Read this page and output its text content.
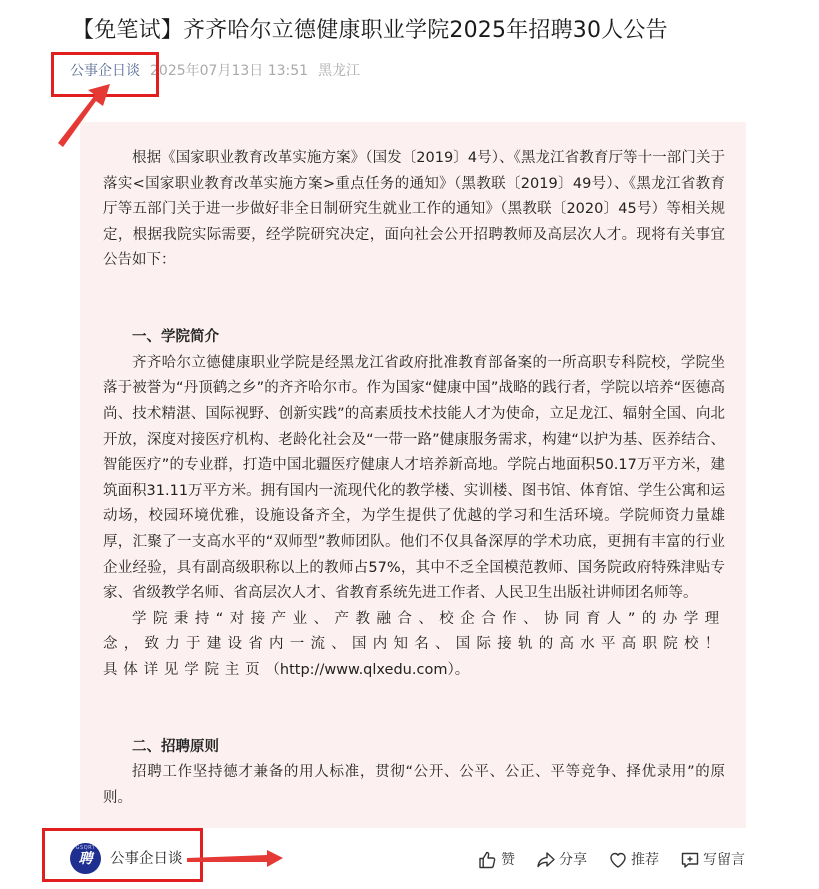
【免笔试】齐齐哈尔立德健康职业学院2025年招聘30人公告
公事企日谈 2025年07月13日 13:51 黑龙江

根据《国家职业教育改革实施方案》（国发〔2019〕4号）、《黑龙江省教育厅等十一部门关于落实<国家职业教育改革实施方案>重点任务的通知》（黑教联〔2019〕49号）、《黑龙江省教育厅等五部门关于进一步做好非全日制研究生就业工作的通知》（黑教联〔2020〕45号）等相关规定，根据我院实际需要，经学院研究决定，面向社会公开招聘教师及高层次人才。现将有关事宜公告如下：

一、学院简介

齐齐哈尔立德健康职业学院是经黑龙江省政府批准教育部备案的一所高职专科院校，学院坐落于被誉为“丹顶鹤之乡”的齐齐哈尔市。作为国家“健康中国”战略的践行者，学院以培养“医德高尚、技术精湛、国际视野、创新实践”的高素质技术技能人才为使命，立足龙江、辐射全国、向北开放，深度对接医疗机构、老龄化社会及“一带一路”健康服务需求，构建“以护为基、医养结合、智能医疗”的专业群，打造中国北疆医疗健康人才培养新高地。学院占地面积50.17万平方米，建筑面积31.11万平方米。拥有国内一流现代化的教学楼、实训楼、图书馆、体育馆、学生公寓和运动场，校园环境优雅，设施设备齐全，为学生提供了优越的学习和生活环境。学院师资力量雄厚，汇聚了一支高水平的“双师型”教师团队。他们不仅具备深厚的学术功底，更拥有丰富的行业企业经验，具有副高级职称以上的教师占57%，其中不乏全国模范教师、国务院政府特殊津贴专家、省级教学名师、省高层次人才、省教育系统先进工作者、人民卫生出版社讲师团名师等。

学院秉持“对接产业、产教融合、校企合作、协同育人”的办学理念，致力于建设省内一流、国内知名、国际接轨的高水平高职院校！具体详见学院主页（http://www.qlxedu.com）。

二、招聘原则

招聘工作坚持德才兼备的用人标准，贯彻“公开、公平、公正、平等竞争、择优录用”的原则。

GSQRT
聘	公事企日谈	赞	分享	推荐	写留言
